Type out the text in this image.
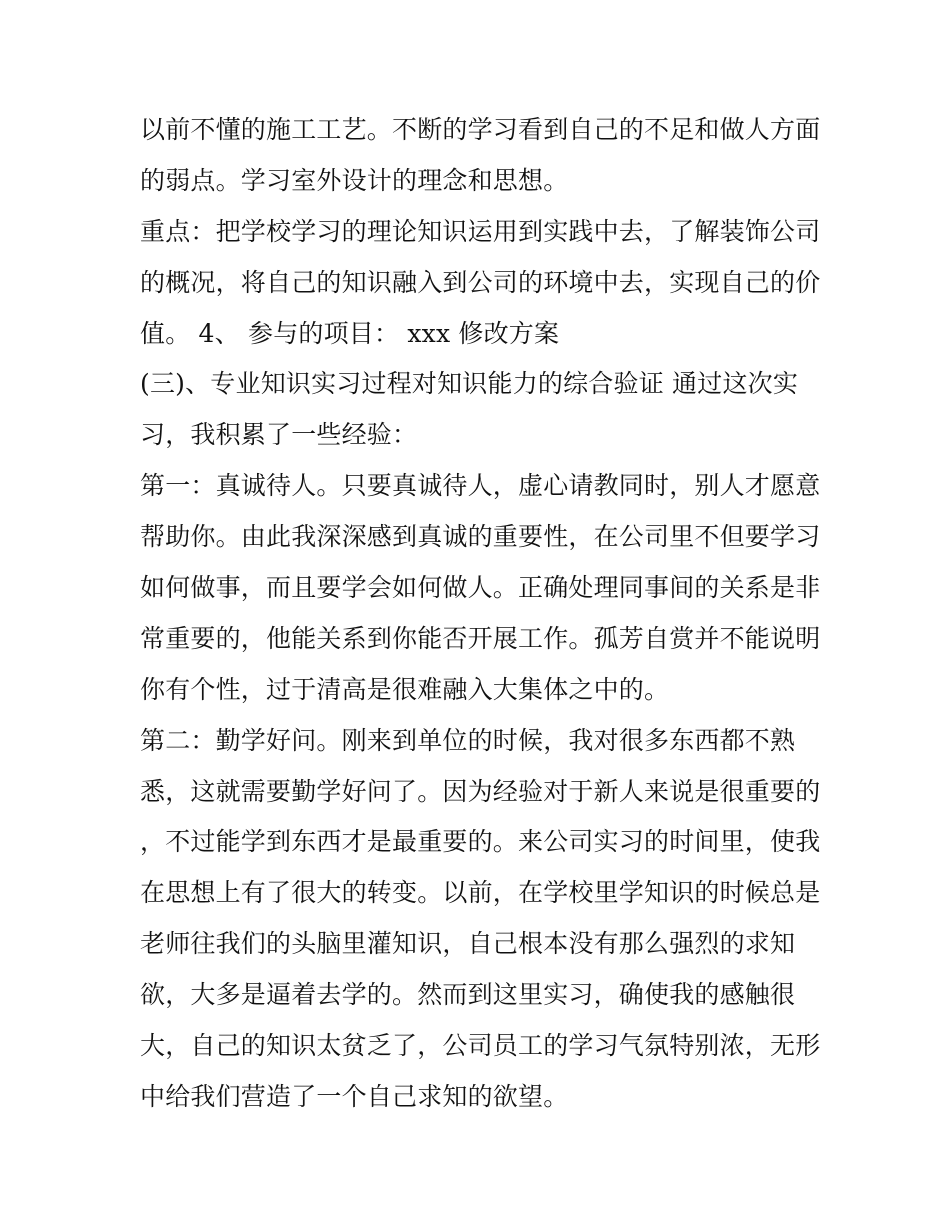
以前不懂的施工工艺。不断的学习看到自己的不足和做人方面
的弱点。学习室外设计的理念和思想。
重点：把学校学习的理论知识运用到实践中去，了解装饰公司
的概况，将自己的知识融入到公司的环境中去，实现自己的价
值。 4、 参与的项目： xxx 修改方案
(三)、专业知识实习过程对知识能力的综合验证 通过这次实
习，我积累了一些经验：
第一：真诚待人。只要真诚待人，虚心请教同时，别人才愿意
帮助你。由此我深深感到真诚的重要性，在公司里不但要学习
如何做事，而且要学会如何做人。正确处理同事间的关系是非
常重要的，他能关系到你能否开展工作。孤芳自赏并不能说明
你有个性，过于清高是很难融入大集体之中的。
第二：勤学好问。刚来到单位的时候，我对很多东西都不熟
悉，这就需要勤学好问了。因为经验对于新人来说是很重要的
，不过能学到东西才是最重要的。来公司实习的时间里，使我
在思想上有了很大的转变。以前，在学校里学知识的时候总是
老师往我们的头脑里灌知识，自己根本没有那么强烈的求知
欲，大多是逼着去学的。然而到这里实习，确使我的感触很
大，自己的知识太贫乏了，公司员工的学习气氛特别浓，无形
中给我们营造了一个自己求知的欲望。
